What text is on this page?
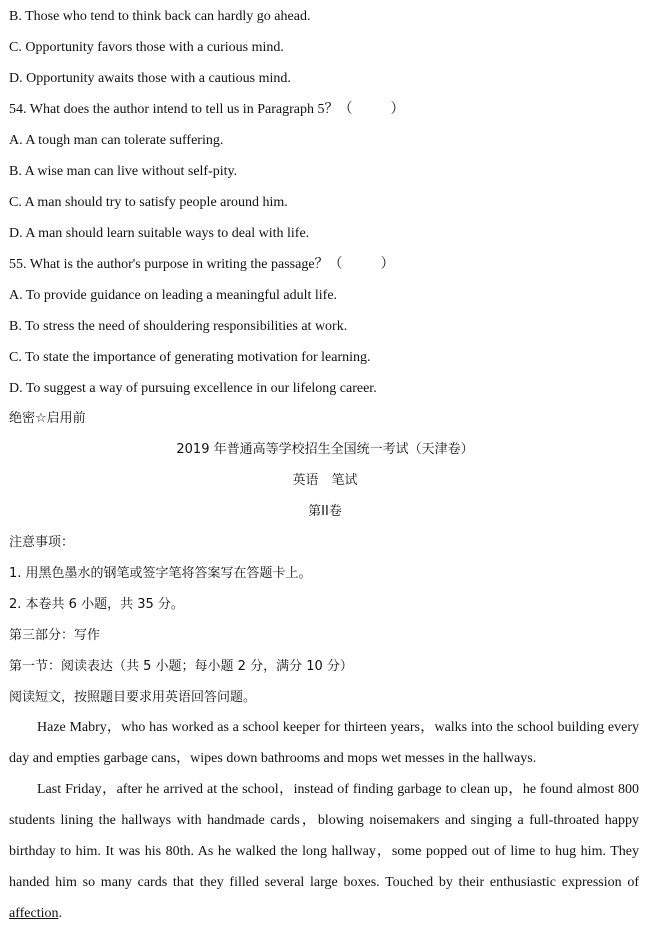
B. Those who tend to think back can hardly go ahead.
C. Opportunity favors those with a curious mind.
D. Opportunity awaits those with a cautious mind.
54. What does the author intend to tell us in Paragraph 5？（	）
A. A tough man can tolerate suffering.
B. A wise man can live without self-pity.
C. A man should try to satisfy people around him.
D. A man should learn suitable ways to deal with life.
55. What is the author's purpose in writing the passage？（	）
A. To provide guidance on leading a meaningful adult life.
B. To stress the need of shouldering responsibilities at work.
C. To state the importance of generating motivation for learning.
D. To suggest a way of pursuing excellence in our lifelong career.
绝密☆启用前
2019 年普通高等学校招生全国统一考试（天津卷）
英语　笔试
第II卷
注意事项：
1. 用黑色墨水的钢笔或签字笔将答案写在答题卡上。
2. 本卷共 6 小题，共 35 分。
第三部分：写作
第一节：阅读表达（共 5 小题；每小题 2 分，满分 10 分）
阅读短文，按照题目要求用英语回答问题。

Haze Mabry，who has worked as a school keeper for thirteen years，walks into the school building every day and empties garbage cans，wipes down bathrooms and mops wet messes in the hallways.

Last Friday，after he arrived at the school，instead of finding garbage to clean up，he found almost 800 students lining the hallways with handmade cards，blowing noisemakers and singing a full-throated happy birthday to him. It was his 80th. As he walked the long hallway，some popped out of lime to hug him. They handed him so many cards that they filled several large boxes. Touched by their enthusiastic expression of affection.
